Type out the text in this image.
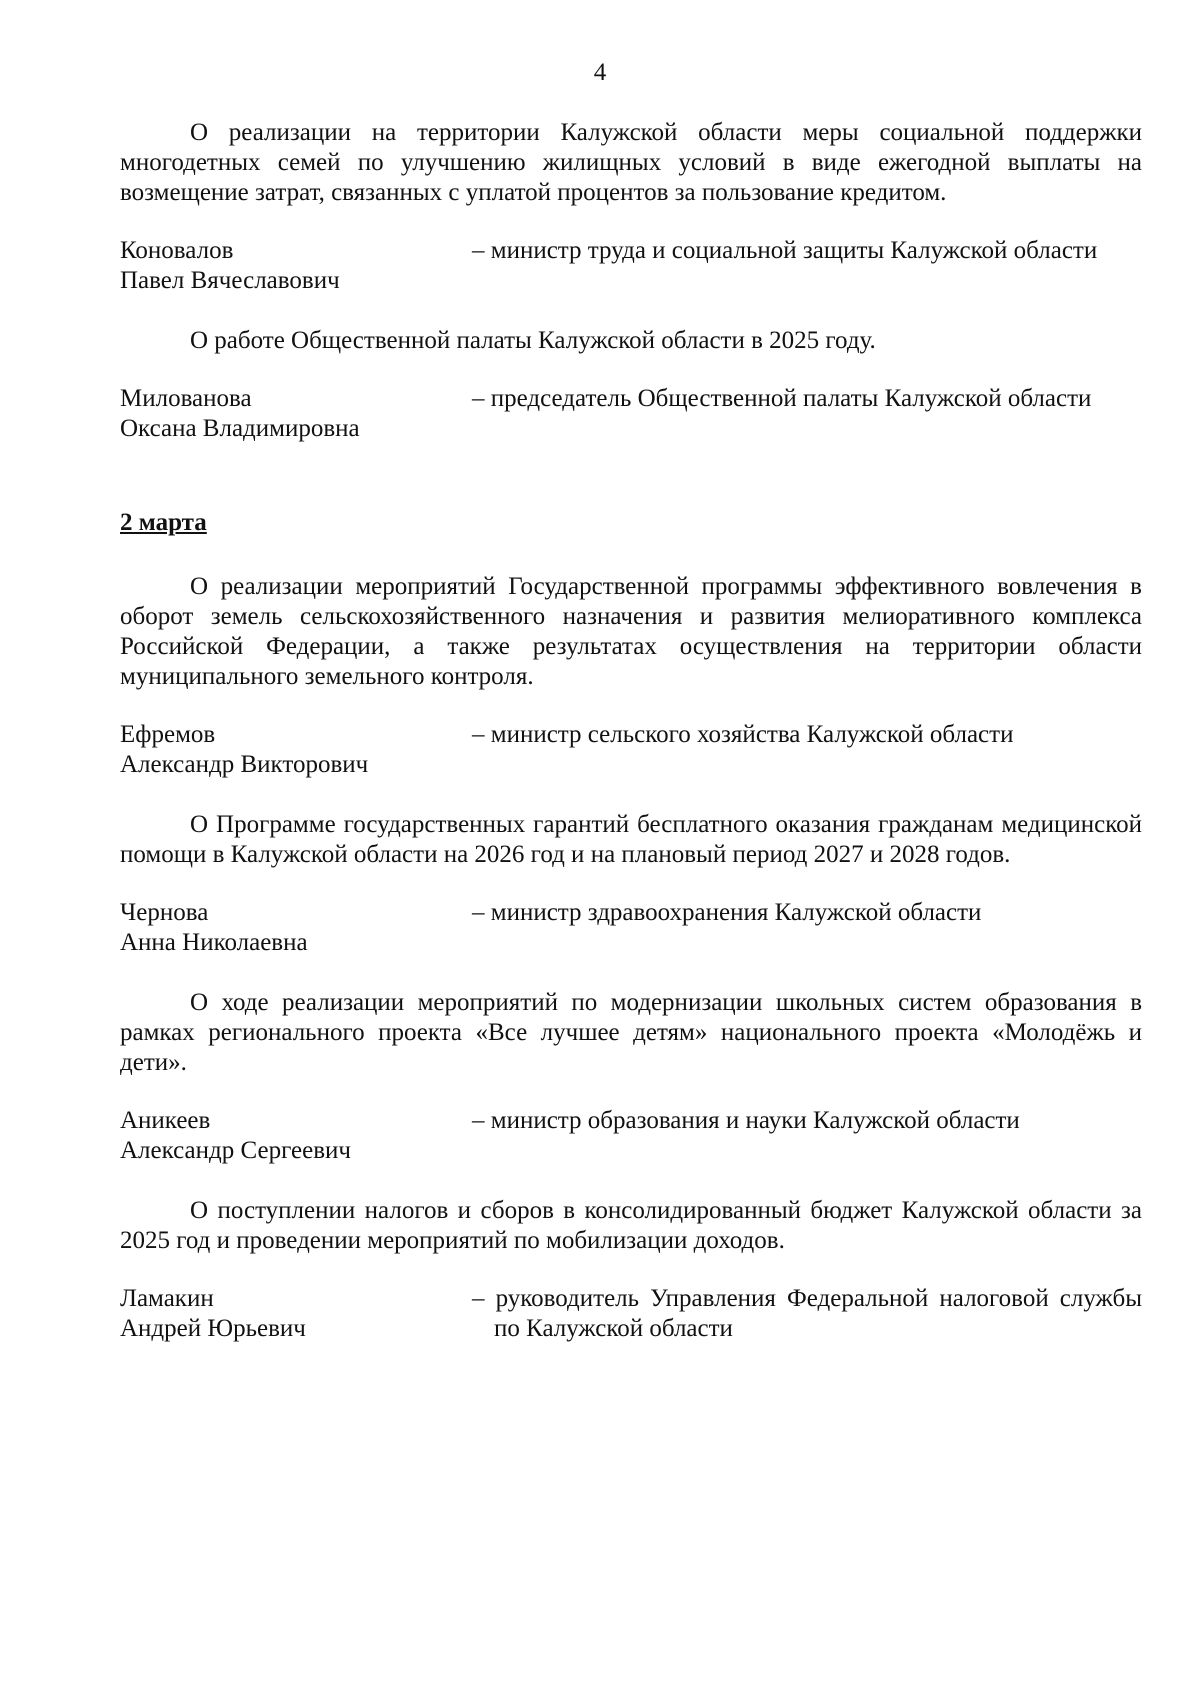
4

О реализации на территории Калужской области меры социальной поддержки многодетных семей по улучшению жилищных условий в виде ежегодной выплаты на возмещение затрат, связанных с уплатой процентов за пользование кредитом.

Коновалов
Павел Вячеславович
– министр труда и социальной защиты Калужской области

О работе Общественной палаты Калужской области в 2025 году.

Милованова
Оксана Владимировна
– председатель Общественной палаты Калужской области

2 марта

О реализации мероприятий Государственной программы эффективного вовлечения в оборот земель сельскохозяйственного назначения и развития мелиоративного комплекса Российской Федерации, а также результатах осуществления на территории области муниципального земельного контроля.

Ефремов
Александр Викторович
– министр сельского хозяйства Калужской области

О Программе государственных гарантий бесплатного оказания гражданам медицинской помощи в Калужской области на 2026 год и на плановый период 2027 и 2028 годов.

Чернова
Анна Николаевна
– министр здравоохранения Калужской области

О ходе реализации мероприятий по модернизации школьных систем образования в рамках регионального проекта «Все лучшее детям» национального проекта «Молодёжь и дети».

Аникеев
Александр Сергеевич
– министр образования и науки Калужской области

О поступлении налогов и сборов в консолидированный бюджет Калужской области за 2025 год и проведении мероприятий по мобилизации доходов.

Ламакин
Андрей Юрьевич
– руководитель Управления Федеральной налоговой службы по Калужской области
